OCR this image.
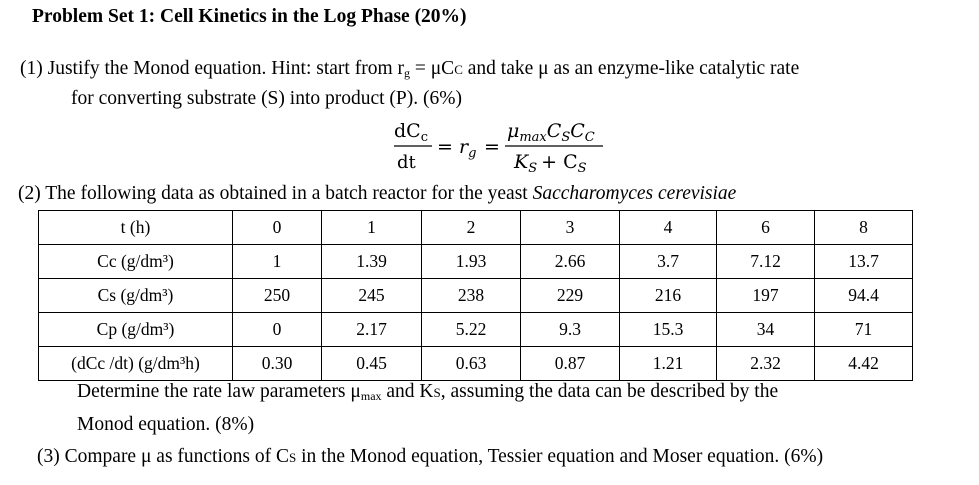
Problem Set 1: Cell Kinetics in the Log Phase (20%)
(1) Justify the Monod equation. Hint: start from $r_g = \mu CC$ and take μ as an enzyme-like catalytic rate
for converting substrate (S) into product (P). (6%)
$dC_c$
dt
= $r_g$ =
$\mu_{max}C_SC_C$
$K_S + C_S$
(2) The following data as obtained in a batch reactor for the yeast Saccharomyces cerevisiae
t (h)	0	1	2	3	4	6	8
Cc (g/dm³)	1	1.39	1.93	2.66	3.7	7.12	13.7
Cs (g/dm³)	250	245	238	229	216	197	94.4
Cp (g/dm³)	0	2.17	5.22	9.3	15.3	34	71
(dCc /dt) (g/dm³h)	0.30	0.45	0.63	0.87	1.21	2.32	4.42
Determine the rate law parameters $\mu_{max}$ and KS, assuming the data can be described by the
Monod equation. (8%)
(3) Compare μ as functions of CS in the Monod equation, Tessier equation and Moser equation. (6%)
